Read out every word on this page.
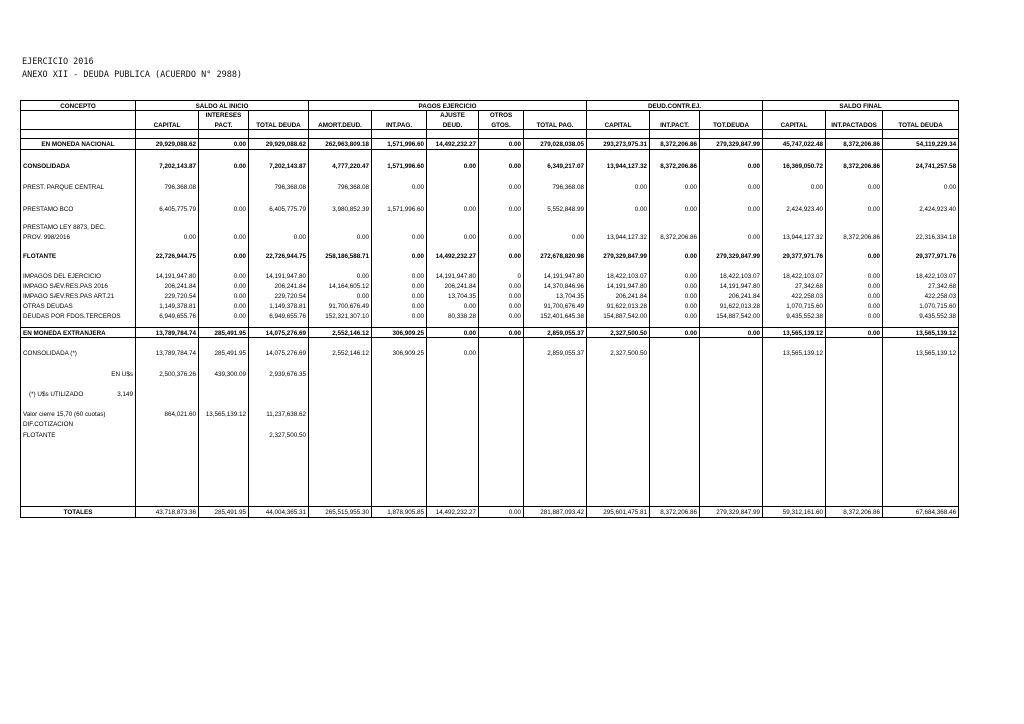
EJERCICIO 2016
ANEXO XII - DEUDA PUBLICA (ACUERDO N° 2988)
CONCEPTO	SALDO AL INICIO			PAGOS EJERCICIO					DEUD.CONTR.EJ.			SALDO FINAL		
		INTERESES				AJUSTE	OTROS							
	CAPITAL	PACT.	TOTAL DEUDA	AMORT.DEUD.	INT.PAG.	DEUD.	GTOS.	TOTAL PAG.	CAPITAL	INT.PACT.	TOT.DEUDA	CAPITAL	INT.PACTADOS	TOTAL DEUDA

EN MONEDA NACIONAL	29,929,088.62	0.00	29,929,088.62	262,963,809.18	1,571,996.60	14,492,232.27	0.00	279,028,038.05	293,273,975.31	8,372,206.86	279,329,847.99	45,747,022.48	8,372,206.86	54,119,229.34

CONSOLIDADA	7,202,143.87	0.00	7,202,143.87	4,777,220.47	1,571,996.60	0.00	0.00	6,349,217.07	13,944,127.32	8,372,206.86	0.00	16,369,050.72	8,372,206.86	24,741,257.58

PREST. PARQUE CENTRAL	796,368.08		796,368.08	796,368.08	0.00		0.00	796,368.08	0.00	0.00	0.00	0.00	0.00	0.00

PRESTAMO BCO	6,405,775.79	0.00	6,405,775.79	3,980,852.39	1,571,996.60	0.00	0.00	5,552,848.99	0.00	0.00	0.00	2,424,923.40	0.00	2,424,923.40

PRESTAMO LEY 8873, DEC.														
PROV. 998/2016	0.00	0.00	0.00	0.00	0.00	0.00	0.00	0.00	13,944,127.32	8,372,206.86	0.00	13,944,127.32	8,372,206.86	22,316,334.18

FLOTANTE	22,726,944.75	0.00	22,726,944.75	258,186,588.71	0.00	14,492,232.27	0.00	272,678,820.98	279,329,847.99	0.00	279,329,847.99	29,377,971.76	0.00	29,377,971.76

IMPAGOS DEL EJERCICIO	14,191,947.80	0.00	14,191,947.80	0.00	0.00	14,191,947.80	0	14,191,947.80	18,422,103.07	0.00	18,422,103.07	18,422,103.07	0.00	18,422,103.07
IMPAGO SÆV.RES.PAS 2016	206,241.84	0.00	206,241.84	14,164,605.12	0.00	206,241.84	0.00	14,370,846.96	14,191,947.80	0.00	14,191,947.80	27,342.68	0.00	27,342.68
IMPAGO SÆV.RES.PAS ART.21	229,720.54	0.00	229,720.54	0.00	0.00	13,704.35	0.00	13,704.35	206,241.84	0.00	206,241.84	422,258.03	0.00	422,258.03
OTRAS DEUDAS	1,149,378.81	0.00	1,149,378.81	91,700,676.49	0.00	0.00	0.00	91,700,676.49	91,622,013.28	0.00	91,622,013.28	1,070,715.60	0.00	1,070,715.60
DEUDAS POR FDOS.TERCEROS	6,949,655.76	0.00	6,949,655.76	152,321,307.10	0.00	80,338.28	0.00	152,401,645.38	154,887,542.00	0.00	154,887,542.00	9,435,552.38	0.00	9,435,552.38

EN MONEDA EXTRANJERA	13,789,784.74	285,491.95	14,075,276.69	2,552,146.12	306,909.25	0.00	0.00	2,859,055.37	2,327,500.50	0.00	0.00	13,565,139.12	0.00	13,565,139.12

CONSOLIDADA (*)	13,789,784.74	285,491.95	14,075,276.69	2,552,146.12	306,909.25	0.00		2,859,055.37	2,327,500.50			13,565,139.12		13,565,139.12

EN U$s	2,500,376.26	439,300.09	2,939,676.35											

(*) U$s UTILIZADO 3,149														

Valor cierre 15,70 (60 cuotas)	864,021.60	13,565,139.12	11,237,638.62											
DIF.COTIZACION														
FLOTANTE			2,327,500.50											

TOTALES	43,718,873.36	285,491.95	44,004,365.31	265,515,955.30	1,878,905.85	14,492,232.27	0.00	281,887,093.42	295,601,475.81	8,372,206.86	279,329,847.99	59,312,161.60	8,372,206.86	67,684,368.46
